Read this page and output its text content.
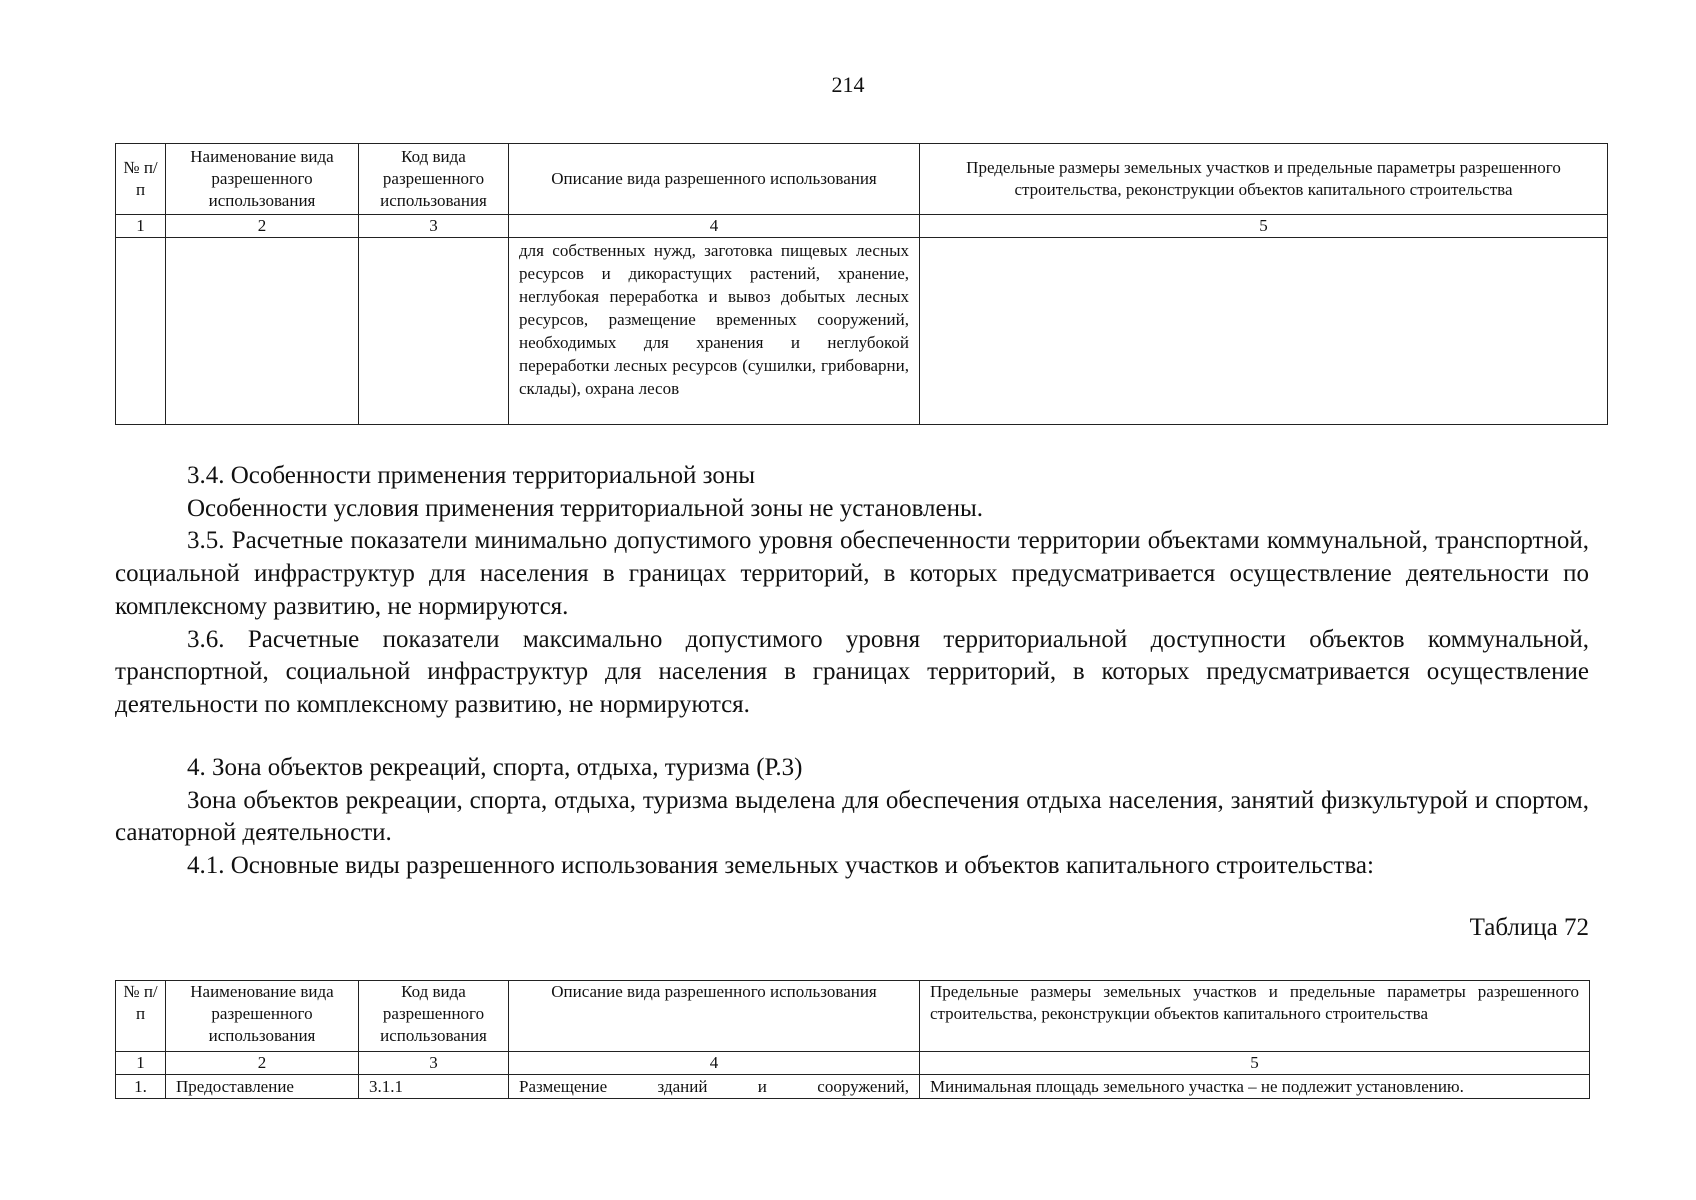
214
№ п/п	Наименование вида разрешенного использования	Код вида разрешенного использования	Описание вида разрешенного использования	Предельные размеры земельных участков и предельные параметры разрешенного строительства, реконструкции объектов капитального строительства
1	2	3	4	5
			для собственных нужд, заготовка пищевых лесных ресурсов и дикорастущих растений, хранение, неглубокая переработка и вывоз добытых лесных ресурсов, размещение временных сооружений, необходимых для хранения и неглубокой переработки лесных ресурсов (сушилки, грибоварни, склады), охрана лесов	

3.4. Особенности применения территориальной зоны

Особенности условия применения территориальной зоны не установлены.

3.5. Расчетные показатели минимально допустимого уровня обеспеченности территории объектами коммунальной, транспортной, социальной инфраструктур для населения в границах территорий, в которых предусматривается осуществление деятельности по комплексному развитию, не нормируются.

3.6. Расчетные показатели максимально допустимого уровня территориальной доступности объектов коммунальной, транспортной, социальной инфраструктур для населения в границах территорий, в которых предусматривается осуществление деятельности по комплексному развитию, не нормируются.

4. Зона объектов рекреаций, спорта, отдыха, туризма (Р.3)

Зона объектов рекреации, спорта, отдыха, туризма выделена для обеспечения отдыха населения, занятий физкультурой и спортом, санаторной деятельности.

4.1. Основные виды разрешенного использования земельных участков и объектов капитального строительства:

Таблица 72
№ п/п	Наименование вида разрешенного использования	Код вида разрешенного использования	Описание вида разрешенного использования	Предельные размеры земельных участков и предельные параметры разрешенного строительства, реконструкции объектов капитального строительства
1	2	3	4	5
1.	Предоставление	3.1.1	Размещение зданий и сооружений,	Минимальная площадь земельного участка – не подлежит установлению.
